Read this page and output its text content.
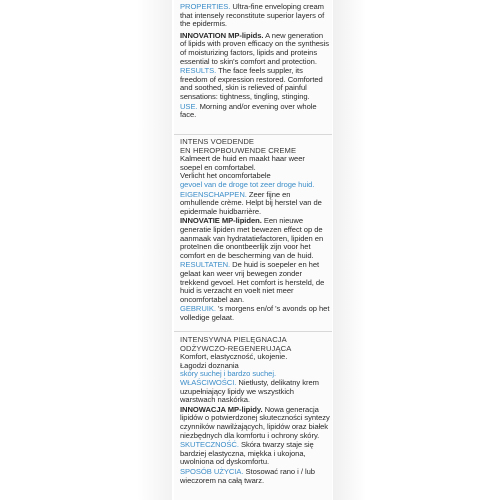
PROPERTIES. Ultra-fine enveloping cream that intensely reconstitute superior layers of the epidermis.

INNOVATION MP-lipids. A new generation of lipids with proven efficacy on the synthesis of moisturizing factors, lipids and proteins essential to skin's comfort and protection.

RESULTS. The face feels suppler, its freedom of expression restored. Comforted and soothed, skin is relieved of painful sensations: tightness, tingling, stinging.

USE. Morning and/or evening over whole face.

INTENS VOEDENDE
EN HEROPBOUWENDE CREME
Kalmeert de huid en maakt haar weer
soepel en comfortabel.
Verlicht het oncomfortabele
gevoel van de droge tot zeer droge huid.

EIGENSCHAPPEN. Zeer fijne en omhullende crème. Helpt bij herstel van de epidermale huidbarrière.

INNOVATIE MP-lipiden. Een nieuwe generatie lipiden met bewezen effect op de aanmaak van hydratatiefactoren, lipiden en proteïnen die onontbeerlijk zijn voor het comfort en de bescherming van de huid.

RESULTATEN. De huid is soepeler en het gelaat kan weer vrij bewegen zonder trekkend gevoel. Het comfort is hersteld, de huid is verzacht en voelt niet meer oncomfortabel aan.

GEBRUIK. 's morgens en/of 's avonds op het volledige gelaat.

INTENSYWNA PIELĘGNACJA
ODŻYWCZO-REGENERUJĄCA
Komfort, elastyczność, ukojenie.
Łagodzi doznania
skóry suchej i bardzo suchej.

WŁAŚCIWOŚCI. Nietłusty, delikatny krem uzupełniający lipidy we wszystkich warstwach naskórka.

INNOWACJA MP-lipidy. Nowa generacja lipidów o potwierdzonej skuteczności syntezy czynników nawilżających, lipidów oraz białek niezbędnych dla komfortu i ochrony skóry.

SKUTECZNOŚĆ. Skóra twarzy staje się bardziej elastyczna, miękka i ukojona, uwolniona od dyskomfortu.

SPOSÓB UŻYCIA. Stosować rano i / lub wieczorem na całą twarz.
